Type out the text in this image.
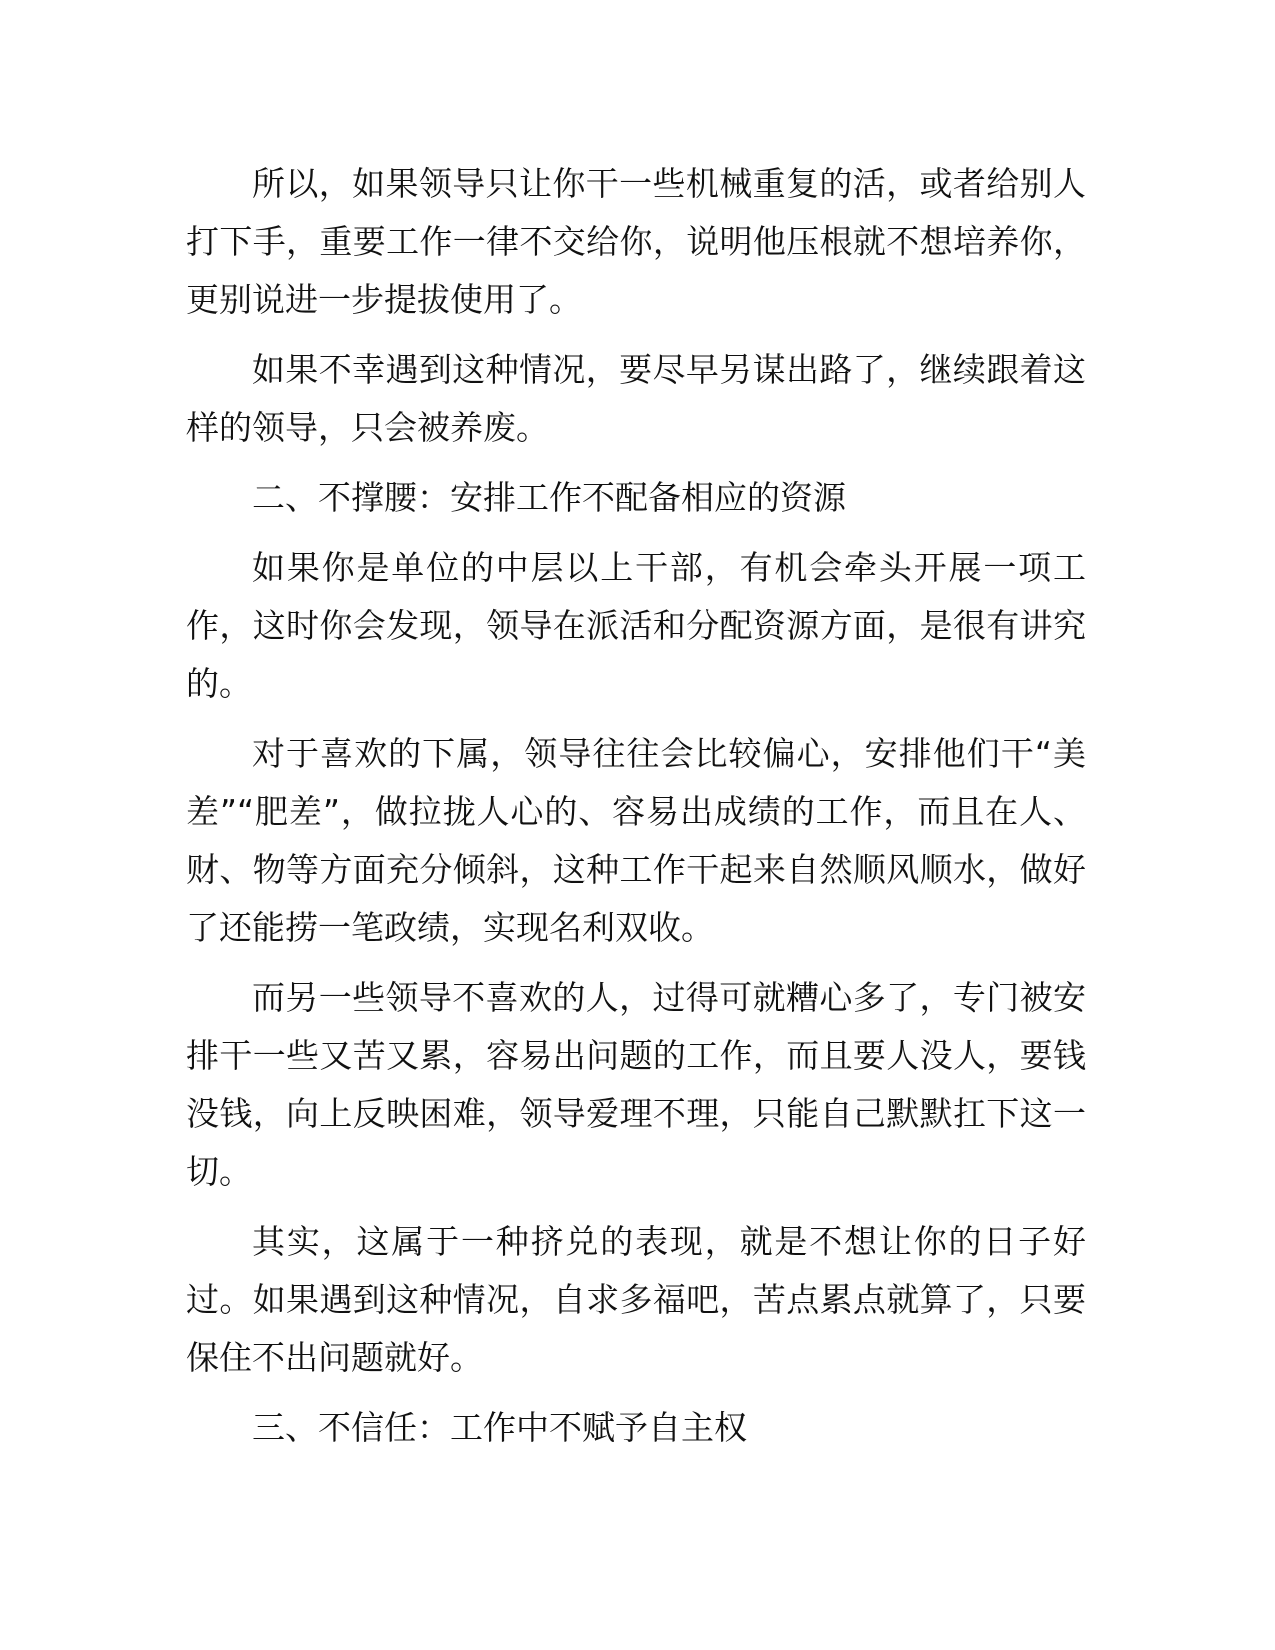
所以，如果领导只让你干一些机械重复的活，或者给别人打下手，重要工作一律不交给你，说明他压根就不想培养你，更别说进一步提拔使用了。

如果不幸遇到这种情况，要尽早另谋出路了，继续跟着这样的领导，只会被养废。

二、不撑腰：安排工作不配备相应的资源

如果你是单位的中层以上干部，有机会牵头开展一项工作，这时你会发现，领导在派活和分配资源方面，是很有讲究的。

对于喜欢的下属，领导往往会比较偏心，安排他们干“美差”“肥差”，做拉拢人心的、容易出成绩的工作，而且在人、财、物等方面充分倾斜，这种工作干起来自然顺风顺水，做好了还能捞一笔政绩，实现名利双收。

而另一些领导不喜欢的人，过得可就糟心多了，专门被安排干一些又苦又累，容易出问题的工作，而且要人没人，要钱没钱，向上反映困难，领导爱理不理，只能自己默默扛下这一切。

其实，这属于一种挤兑的表现，就是不想让你的日子好过。如果遇到这种情况，自求多福吧，苦点累点就算了，只要保住不出问题就好。

三、不信任：工作中不赋予自主权
